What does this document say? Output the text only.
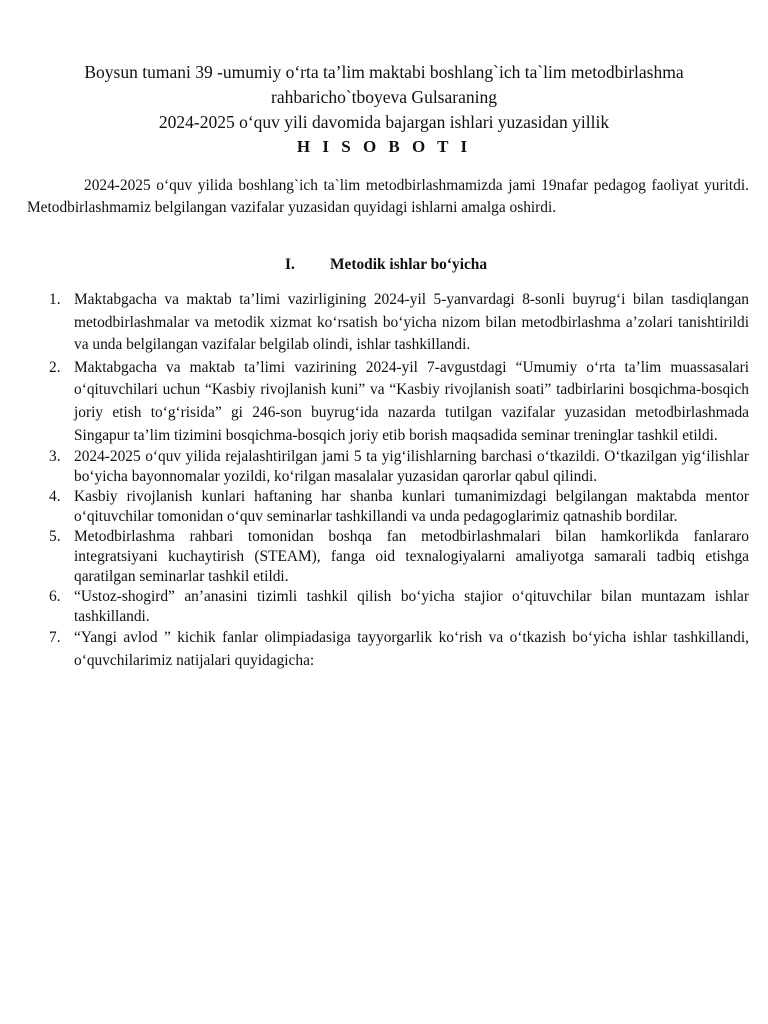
Boysun tumani 39 -umumiy o‘rta ta’lim maktabi boshlang`ich ta`lim metodbirlashma
rahbaricho`tboyeva Gulsaraning
2024-2025 o‘quv yili davomida bajargan ishlari yuzasidan yillik
H I S O B O T I

2024-2025 o‘quv yilida boshlang`ich ta`lim metodbirlashmamizda jami 19nafar pedagog faoliyat yuritdi. Metodbirlashmamiz belgilangan vazifalar yuzasidan quyidagi ishlarni amalga oshirdi.

I. Metodik ishlar bo‘yicha
1. Maktabgacha va maktab ta’limi vazirligining 2024-yil 5-yanvardagi 8-sonli buyrug‘i bilan tasdiqlangan metodbirlashmalar va metodik xizmat ko‘rsatish bo‘yicha nizom bilan metodbirlashma a’zolari tanishtirildi va unda belgilangan vazifalar belgilab olindi, ishlar tashkillandi.
2. Maktabgacha va maktab ta’limi vazirining 2024-yil 7-avgustdagi “Umumiy o‘rta ta’lim muassasalari o‘qituvchilari uchun “Kasbiy rivojlanish kuni” va “Kasbiy rivojlanish soati” tadbirlarini bosqichma-bosqich joriy etish to‘g‘risida” gi 246-son buyrug‘ida nazarda tutilgan vazifalar yuzasidan metodbirlashmada Singapur ta’lim tizimini bosqichma-bosqich joriy etib borish maqsadida seminar treninglar tashkil etildi.
3. 2024-2025 o‘quv yilida rejalashtirilgan jami 5 ta yig‘ilishlarning barchasi o‘tkazildi. O‘tkazilgan yig‘ilishlar bo‘yicha bayonnomalar yozildi, ko‘rilgan masalalar yuzasidan qarorlar qabul qilindi.
4. Kasbiy rivojlanish kunlari haftaning har shanba kunlari tumanimizdagi belgilangan maktabda mentor o‘qituvchilar tomonidan o‘quv seminarlar tashkillandi va unda pedagoglarimiz qatnashib bordilar.
5. Metodbirlashma rahbari tomonidan boshqa fan metodbirlashmalari bilan hamkorlikda fanlararo integratsiyani kuchaytirish (STEAM), fanga oid texnalogiyalarni amaliyotga samarali tadbiq etishga qaratilgan seminarlar tashkil etildi.
6. “Ustoz-shogird” an’anasini tizimli tashkil qilish bo‘yicha stajior o‘qituvchilar bilan muntazam ishlar tashkillandi.
7. “Yangi avlod ” kichik fanlar olimpiadasiga tayyorgarlik ko‘rish va o‘tkazish bo‘yicha ishlar tashkillandi, o‘quvchilarimiz natijalari quyidagicha:
